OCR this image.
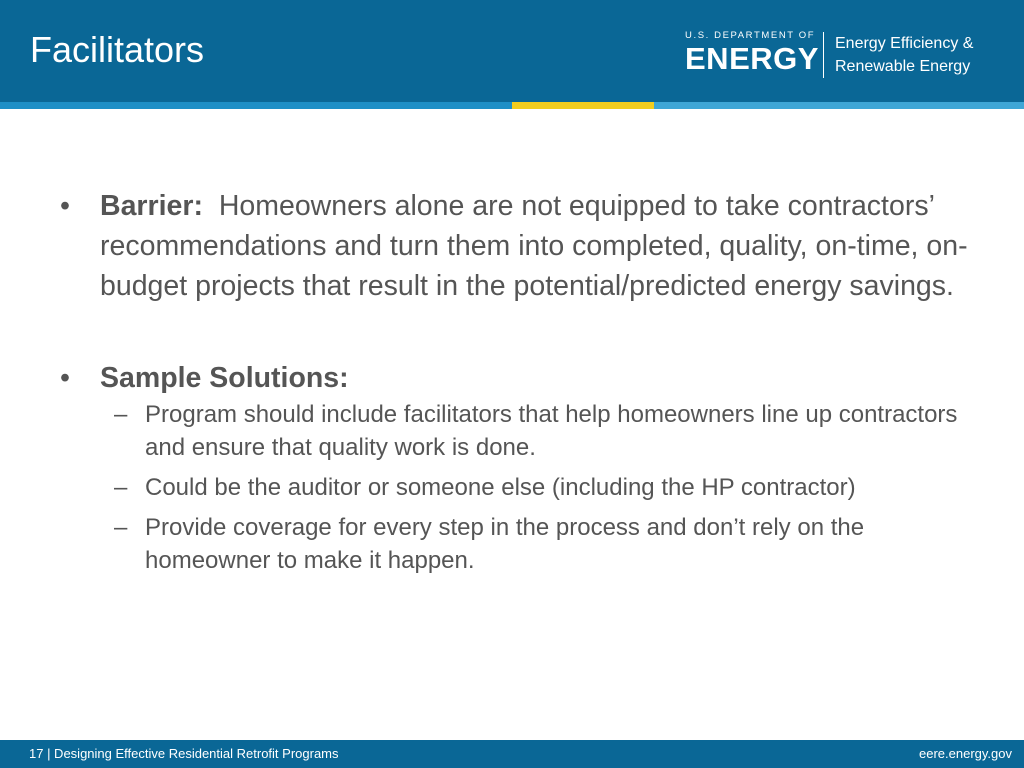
Facilitators	U.S. DEPARTMENT OF
ENERGY Energy Efficiency &
Renewable Energy
• Barrier: Homeowners alone are not equipped to take contractors’ recommendations and turn them into completed, quality, on-time, on-budget projects that result in the potential/predicted energy savings.
• Sample Solutions:
– Program should include facilitators that help homeowners line up contractors and ensure that quality work is done.
– Could be the auditor or someone else (including the HP contractor)
– Provide coverage for every step in the process and don’t rely on the homeowner to make it happen.
17 | Designing Effective Residential Retrofit Programs	eere.energy.gov
